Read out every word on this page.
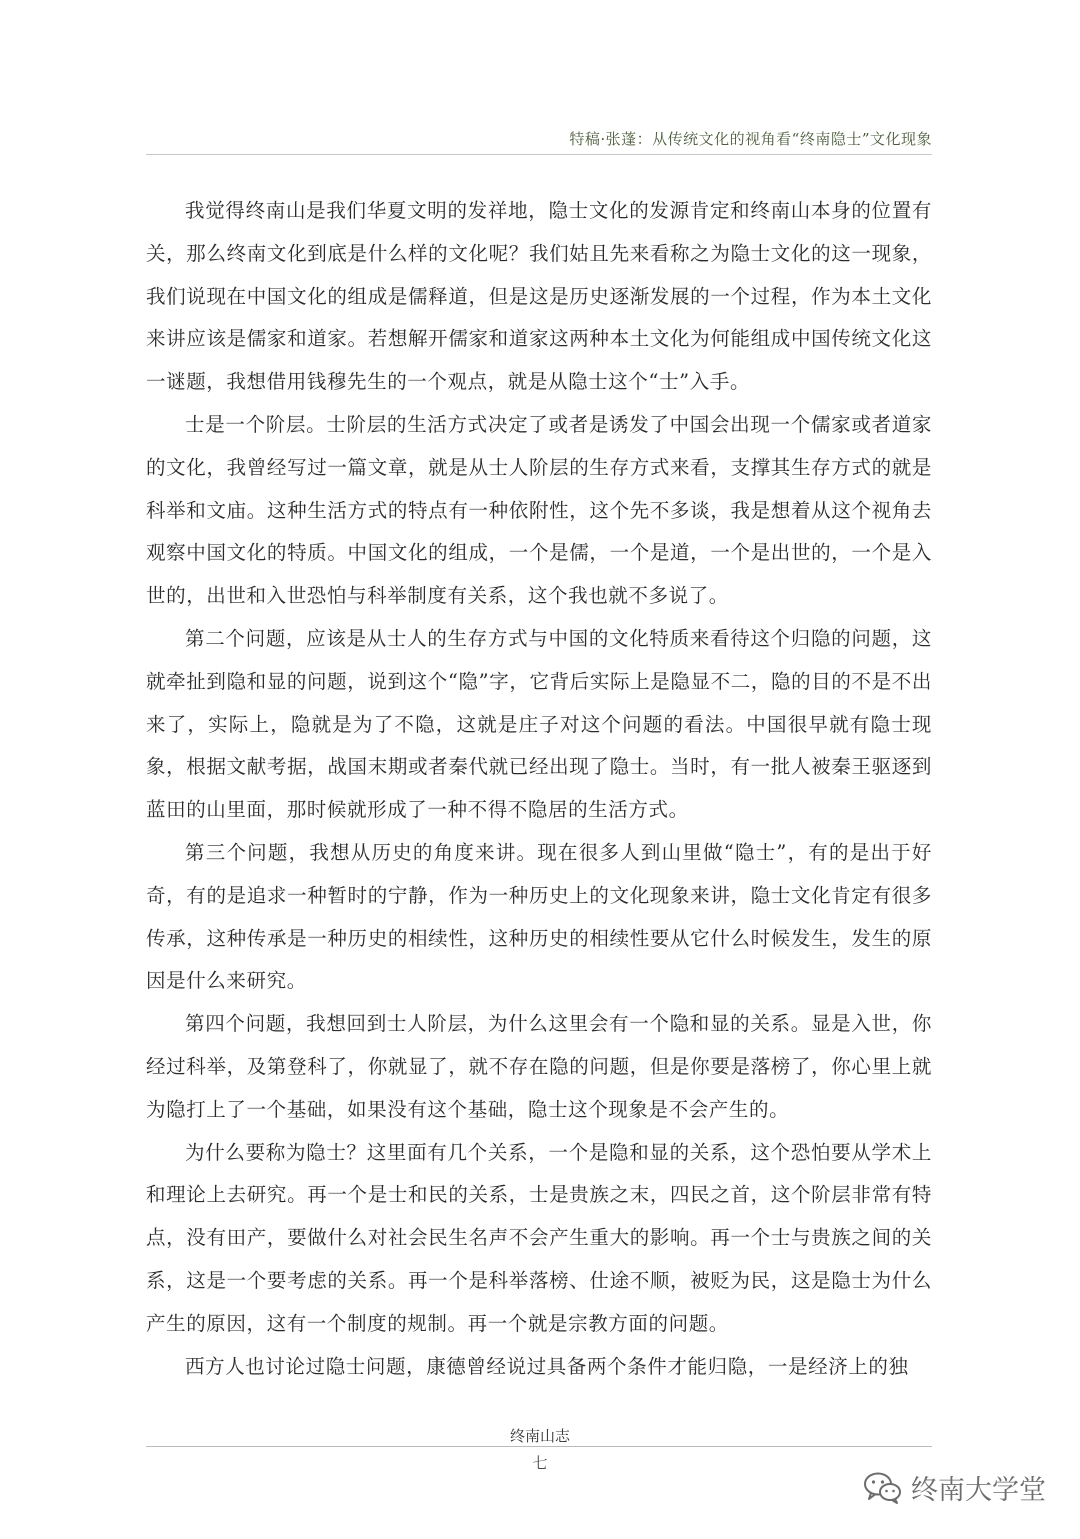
特稿·张蓬：从传统文化的视角看“终南隐士”文化现象

我觉得终南山是我们华夏文明的发祥地，隐士文化的发源肯定和终南山本身的位置有关，那么终南文化到底是什么样的文化呢？我们姑且先来看称之为隐士文化的这一现象，我们说现在中国文化的组成是儒释道，但是这是历史逐渐发展的一个过程，作为本土文化来讲应该是儒家和道家。若想解开儒家和道家这两种本土文化为何能组成中国传统文化这一谜题，我想借用钱穆先生的一个观点，就是从隐士这个“士”入手。

士是一个阶层。士阶层的生活方式决定了或者是诱发了中国会出现一个儒家或者道家的文化，我曾经写过一篇文章，就是从士人阶层的生存方式来看，支撑其生存方式的就是科举和文庙。这种生活方式的特点有一种依附性，这个先不多谈，我是想着从这个视角去观察中国文化的特质。中国文化的组成，一个是儒，一个是道，一个是出世的，一个是入世的，出世和入世恐怕与科举制度有关系，这个我也就不多说了。

第二个问题，应该是从士人的生存方式与中国的文化特质来看待这个归隐的问题，这就牵扯到隐和显的问题，说到这个“隐”字，它背后实际上是隐显不二，隐的目的不是不出来了，实际上，隐就是为了不隐，这就是庄子对这个问题的看法。中国很早就有隐士现象，根据文献考据，战国末期或者秦代就已经出现了隐士。当时，有一批人被秦王驱逐到蓝田的山里面，那时候就形成了一种不得不隐居的生活方式。

第三个问题，我想从历史的角度来讲。现在很多人到山里做“隐士”，有的是出于好奇，有的是追求一种暂时的宁静，作为一种历史上的文化现象来讲，隐士文化肯定有很多传承，这种传承是一种历史的相续性，这种历史的相续性要从它什么时候发生，发生的原因是什么来研究。

第四个问题，我想回到士人阶层，为什么这里会有一个隐和显的关系。显是入世，你经过科举，及第登科了，你就显了，就不存在隐的问题，但是你要是落榜了，你心里上就为隐打上了一个基础，如果没有这个基础，隐士这个现象是不会产生的。

为什么要称为隐士？这里面有几个关系，一个是隐和显的关系，这个恐怕要从学术上和理论上去研究。再一个是士和民的关系，士是贵族之末，四民之首，这个阶层非常有特点，没有田产，要做什么对社会民生名声不会产生重大的影响。再一个士与贵族之间的关系，这是一个要考虑的关系。再一个是科举落榜、仕途不顺，被贬为民，这是隐士为什么产生的原因，这有一个制度的规制。再一个就是宗教方面的问题。

西方人也讨论过隐士问题，康德曾经说过具备两个条件才能归隐，一是经济上的独

终南山志
七
终南大学堂
